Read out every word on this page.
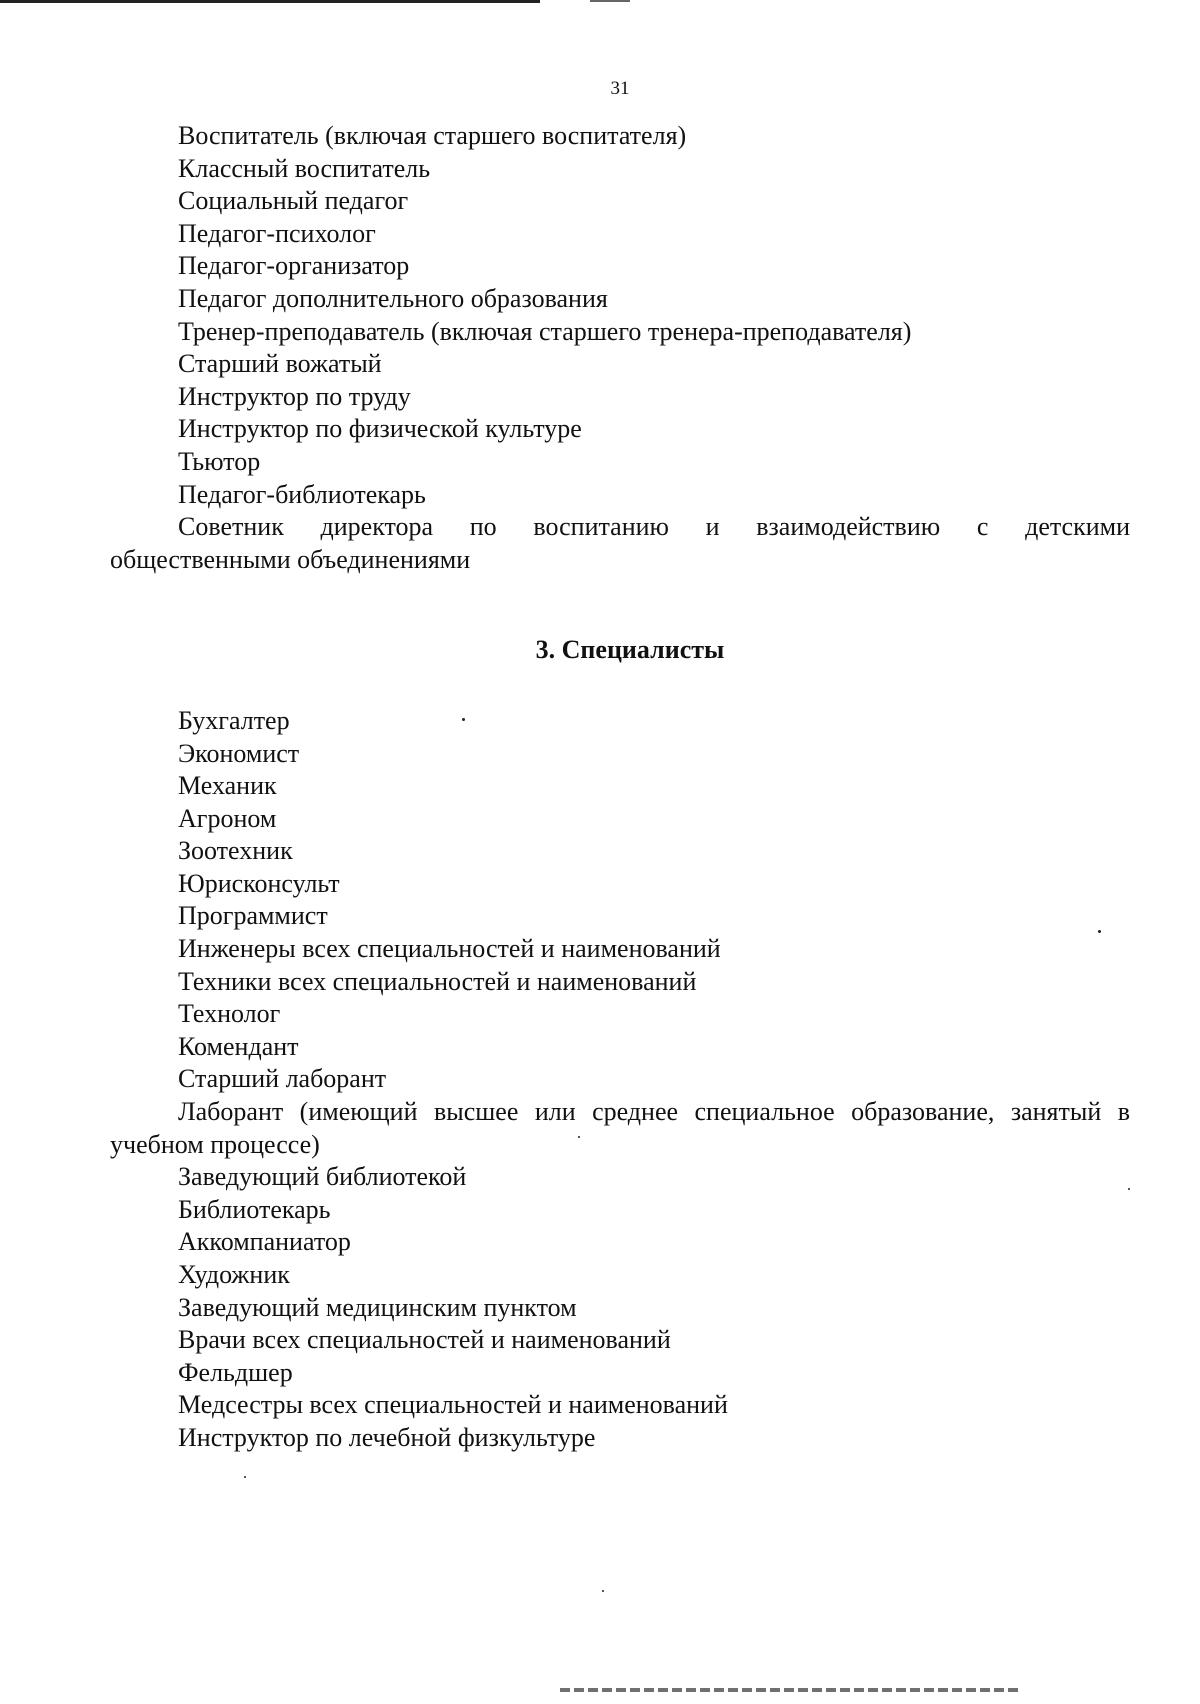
31
Воспитатель (включая старшего воспитателя)
Классный воспитатель
Социальный педагог
Педагог-психолог
Педагог-организатор
Педагог дополнительного образования
Тренер-преподаватель (включая старшего тренера-преподавателя)
Старший вожатый
Инструктор по труду
Инструктор по физической культуре
Тьютор
Педагог-библиотекарь
Советник директора по воспитанию и взаимодействию с детскими
общественными объединениями
3. Специалисты
Бухгалтер
Экономист
Механик
Агроном
Зоотехник
Юрисконсульт
Программист
Инженеры всех специальностей и наименований
Техники всех специальностей и наименований
Технолог
Комендант
Старший лаборант
Лаборант (имеющий высшее или среднее специальное образование, занятый в
учебном процессе)
Заведующий библиотекой
Библиотекарь
Аккомпаниатор
Художник
Заведующий медицинским пунктом
Врачи всех специальностей и наименований
Фельдшер
Медсестры всех специальностей и наименований
Инструктор по лечебной физкультуре
